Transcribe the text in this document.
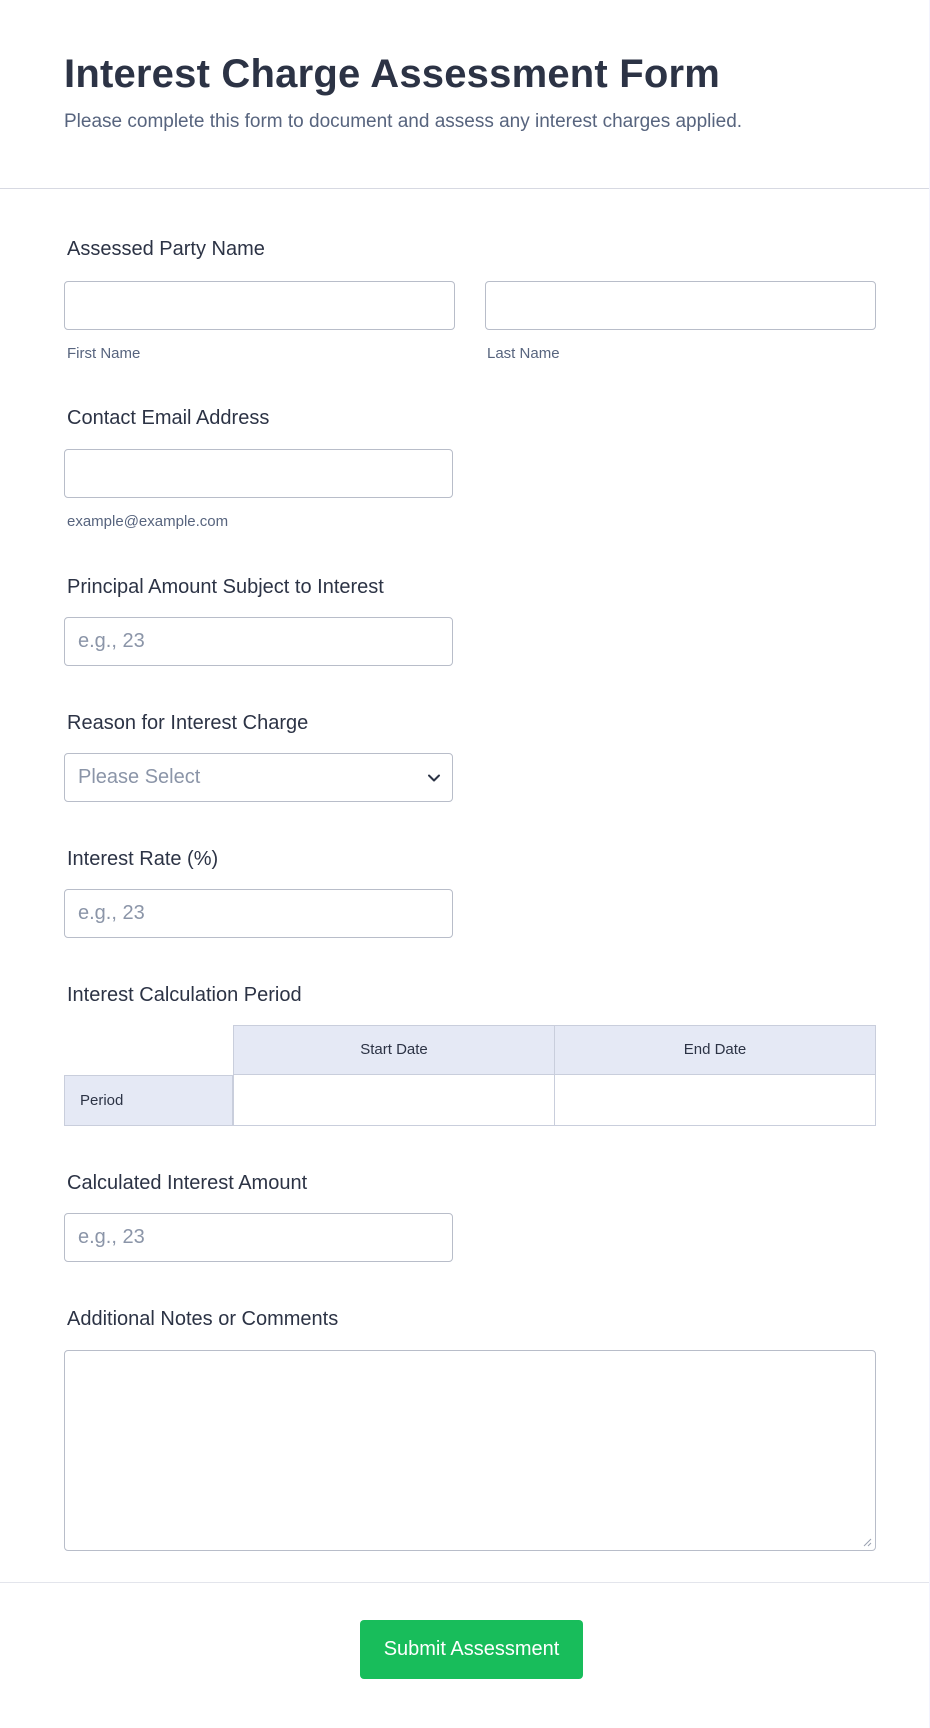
Interest Charge Assessment Form
Please complete this form to document and assess any interest charges applied.
Assessed Party Name
First Name	Last Name
Contact Email Address
example@example.com
Principal Amount Subject to Interest
e.g., 23
Reason for Interest Charge
Please Select
Interest Rate (%)
e.g., 23
Interest Calculation Period
Start Date	End Date
Period
Calculated Interest Amount
e.g., 23
Additional Notes or Comments
Submit Assessment
